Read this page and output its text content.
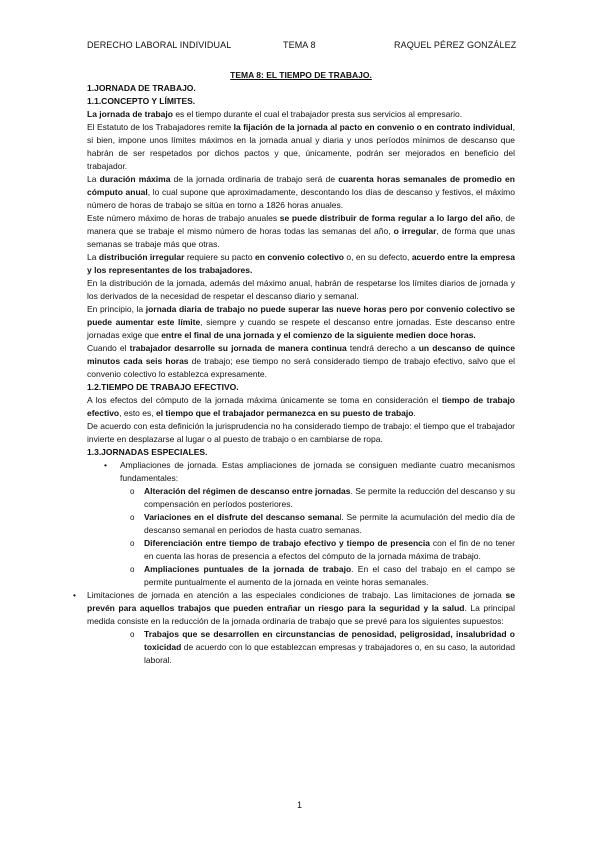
DERECHO LABORAL INDIVIDUAL	TEMA 8	RAQUEL PÉREZ GONZÁLEZ

TEMA 8: EL TIEMPO DE TRABAJO.

1.JORNADA DE TRABAJO.

1.1.CONCEPTO Y LÍMITES.

La jornada de trabajo es el tiempo durante el cual el trabajador presta sus servicios al empresario.

El Estatuto de los Trabajadores remite la fijación de la jornada al pacto en convenio o en contrato individual, si bien, impone unos límites máximos en la jornada anual y diaria y unos períodos mínimos de descanso que habrán de ser respetados por dichos pactos y que, únicamente, podrán ser mejorados en beneficio del trabajador.

La duración máxima de la jornada ordinaria de trabajo será de cuarenta horas semanales de promedio en cómputo anual, lo cual supone que aproximadamente, descontando los días de descanso y festivos, el máximo número de horas de trabajo se sitúa en torno a 1826 horas anuales.

Este número máximo de horas de trabajo anuales se puede distribuir de forma regular a lo largo del año, de manera que se trabaje el mismo número de horas todas las semanas del año, o irregular, de forma que unas semanas se trabaje más que otras.

La distribución irregular requiere su pacto en convenio colectivo o, en su defecto, acuerdo entre la empresa y los representantes de los trabajadores.

En la distribución de la jornada, además del máximo anual, habrán de respetarse los límites diarios de jornada y los derivados de la necesidad de respetar el descanso diario y semanal.

En principio, la jornada diaria de trabajo no puede superar las nueve horas pero por convenio colectivo se puede aumentar este límite, siempre y cuando se respete el descanso entre jornadas. Este descanso entre jornadas exige que entre el final de una jornada y el comienzo de la siguiente medien doce horas.

Cuando el trabajador desarrolle su jornada de manera continua tendrá derecho a un descanso de quince minutos cada seis horas de trabajo; ese tiempo no será considerado tiempo de trabajo efectivo, salvo que el convenio colectivo lo establezca expresamente.

1.2.TIEMPO DE TRABAJO EFECTIVO.

A los efectos del cómputo de la jornada máxima únicamente se toma en consideración el tiempo de trabajo efectivo, esto es, el tiempo que el trabajador permanezca en su puesto de trabajo.

De acuerdo con esta definición la jurisprudencia no ha considerado tiempo de trabajo: el tiempo que el trabajador invierte en desplazarse al lugar o al puesto de trabajo o en cambiarse de ropa.

1.3.JORNADAS ESPECIALES.

• Ampliaciones de jornada. Estas ampliaciones de jornada se consiguen mediante cuatro mecanismos fundamentales:
o Alteración del régimen de descanso entre jornadas. Se permite la reducción del descanso y su compensación en períodos posteriores.
o Variaciones en el disfrute del descanso semanal. Se permite la acumulación del medio día de descanso semanal en periodos de hasta cuatro semanas.
o Diferenciación entre tiempo de trabajo efectivo y tiempo de presencia con el fin de no tener en cuenta las horas de presencia a efectos del cómputo de la jornada máxima de trabajo.
o Ampliaciones puntuales de la jornada de trabajo. En el caso del trabajo en el campo se permite puntualmente el aumento de la jornada en veinte horas semanales.
• Limitaciones de jornada en atención a las especiales condiciones de trabajo. Las limitaciones de jornada se prevén para aquellos trabajos que pueden entrañar un riesgo para la seguridad y la salud. La principal medida consiste en la reducción de la jornada ordinaria de trabajo que se prevé para los siguientes supuestos:
o Trabajos que se desarrollen en circunstancias de penosidad, peligrosidad, insalubridad o toxicidad de acuerdo con lo que establezcan empresas y trabajadores o, en su caso, la autoridad laboral.
1
